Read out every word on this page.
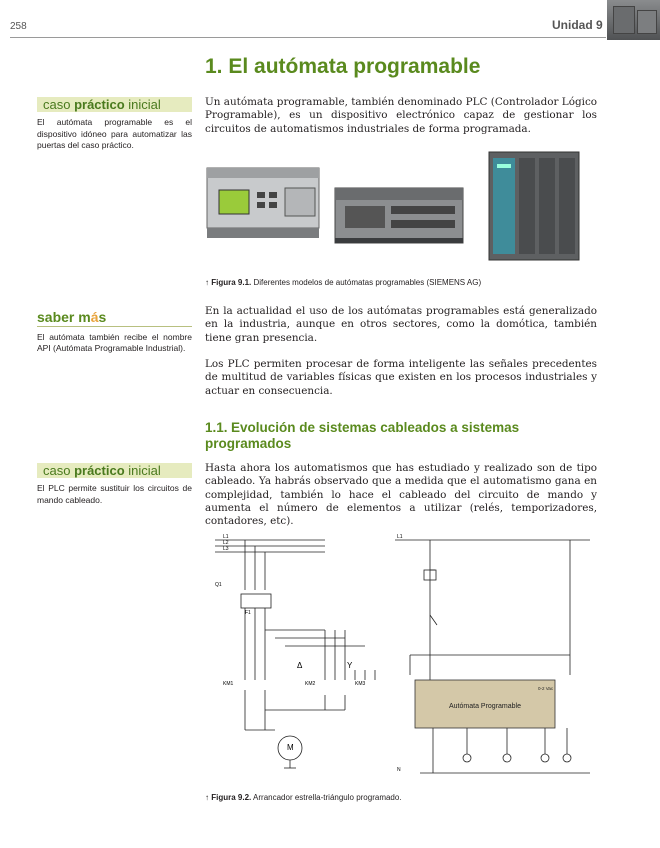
258	Unidad 9
1. El autómata programable
caso práctico inicial

El autómata programable es el dispositivo idóneo para automatizar las puertas del caso práctico.

Un autómata programable, también denominado PLC (Controlador Lógico Programable), es un dispositivo electrónico capaz de gestionar los circuitos de automatismos industriales de forma programada.

↑ Figura 9.1. Diferentes modelos de autómatas programables (SIEMENS AG)
saber más

El autómata también recibe el nombre API (Autómata Programable Industrial).

En la actualidad el uso de los autómatas programables está generalizado en la industria, aunque en otros sectores, como la domótica, también tiene gran presencia.

Los PLC permiten procesar de forma inteligente las señales precedentes de multitud de variables físicas que existen en los procesos industriales y actuar en consecuencia.

1.1. Evolución de sistemas cableados a sistemas programados
caso práctico inicial

El PLC permite sustituir los circuitos de mando cableado.

Hasta ahora los automatismos que has estudiado y realizado son de tipo cableado. Ya habrás observado que a medida que el automatismo gana en complejidad, también lo hace el cableado del circuito de mando y aumenta el número de elementos a utilizar (relés, temporizadores, contadores, etc).

F1
Q1
L1
L2
L3
KM1	KM2	KM3
M
Δ	Y
L1
N
Autómata Programable
0-2 Vac
↑ Figura 9.2. Arrancador estrella-triángulo programado.
